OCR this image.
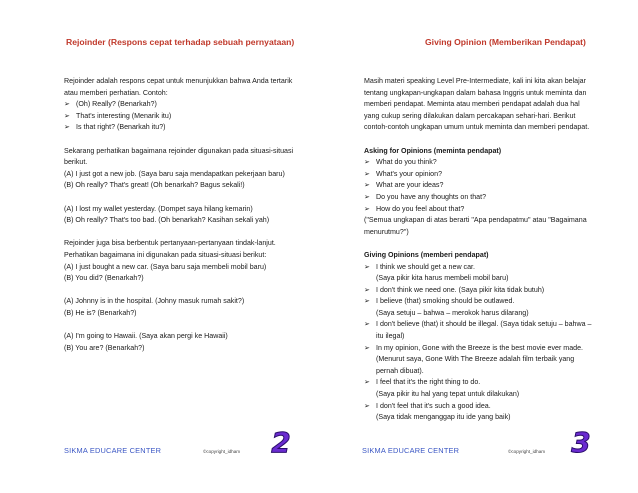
Rejoinder (Respons cepat terhadap sebuah pernyataan)

Rejoinder adalah respons cepat untuk menunjukkan bahwa Anda tertarik

atau memberi perhatian. Contoh:

➢ (Oh) Really? (Benarkah?)
➢ That's interesting (Menarik itu)
➢ Is that right? (Benarkah itu?)

Sekarang perhatikan bagaimana rejoinder digunakan pada situasi-situasi

berikut.

(A) I just got a new job. (Saya baru saja mendapatkan pekerjaan baru)

(B) Oh really? That's great! (Oh benarkah? Bagus sekali!)

(A) I lost my wallet yesterday. (Dompet saya hilang kemarin)

(B) Oh really? That's too bad. (Oh benarkah? Kasihan sekali yah)

Rejoinder juga bisa berbentuk pertanyaan-pertanyaan tindak-lanjut.

Perhatikan bagaimana ini digunakan pada situasi-situasi berikut:

(A) I just bought a new car. (Saya baru saja membeli mobil baru)

(B) You did? (Benarkah?)

(A) Johnny is in the hospital. (Johny masuk rumah sakit?)

(B) He is? (Benarkah?)

(A) I'm going to Hawaii. (Saya akan pergi ke Hawaii)

(B) You are? (Benarkah?)

SIKMA EDUCARE CENTER	©copyright_idham 2
Giving Opinion (Memberikan Pendapat)

Masih materi speaking Level Pre-Intermediate, kali ini kita akan belajar

tentang ungkapan-ungkapan dalam bahasa Inggris untuk meminta dan

memberi pendapat. Meminta atau memberi pendapat adalah dua hal

yang cukup sering dilakukan dalam percakapan sehari-hari. Berikut

contoh-contoh ungkapan umum untuk meminta dan memberi pendapat.

Asking for Opinions (meminta pendapat)

➢ What do you think?
➢ What's your opinion?
➢ What are your ideas?
➢ Do you have any thoughts on that?
➢ How do you feel about that?

("Semua ungkapan di atas berarti "Apa pendapatmu" atau "Bagaimana

menurutmu?")

Giving Opinions (memberi pendapat)

➢ I think we should get a new car.
(Saya pikir kita harus membeli mobil baru)
➢ I don't think we need one. (Saya pikir kita tidak butuh)
➢ I believe (that) smoking should be outlawed.
(Saya setuju – bahwa – merokok harus dilarang)
➢ I don't believe (that) it should be illegal. (Saya tidak setuju – bahwa –
itu ilegal)
➢ In my opinion, Gone with the Breeze is the best movie ever made.
(Menurut saya, Gone With The Breeze adalah film terbaik yang
pernah dibuat).
➢ I feel that it's the right thing to do.
(Saya pikir itu hal yang tepat untuk dilakukan)
➢ I don't feel that it's such a good idea.
(Saya tidak menganggap itu ide yang baik)
SIKMA EDUCARE CENTER	©copyright_idham 3
